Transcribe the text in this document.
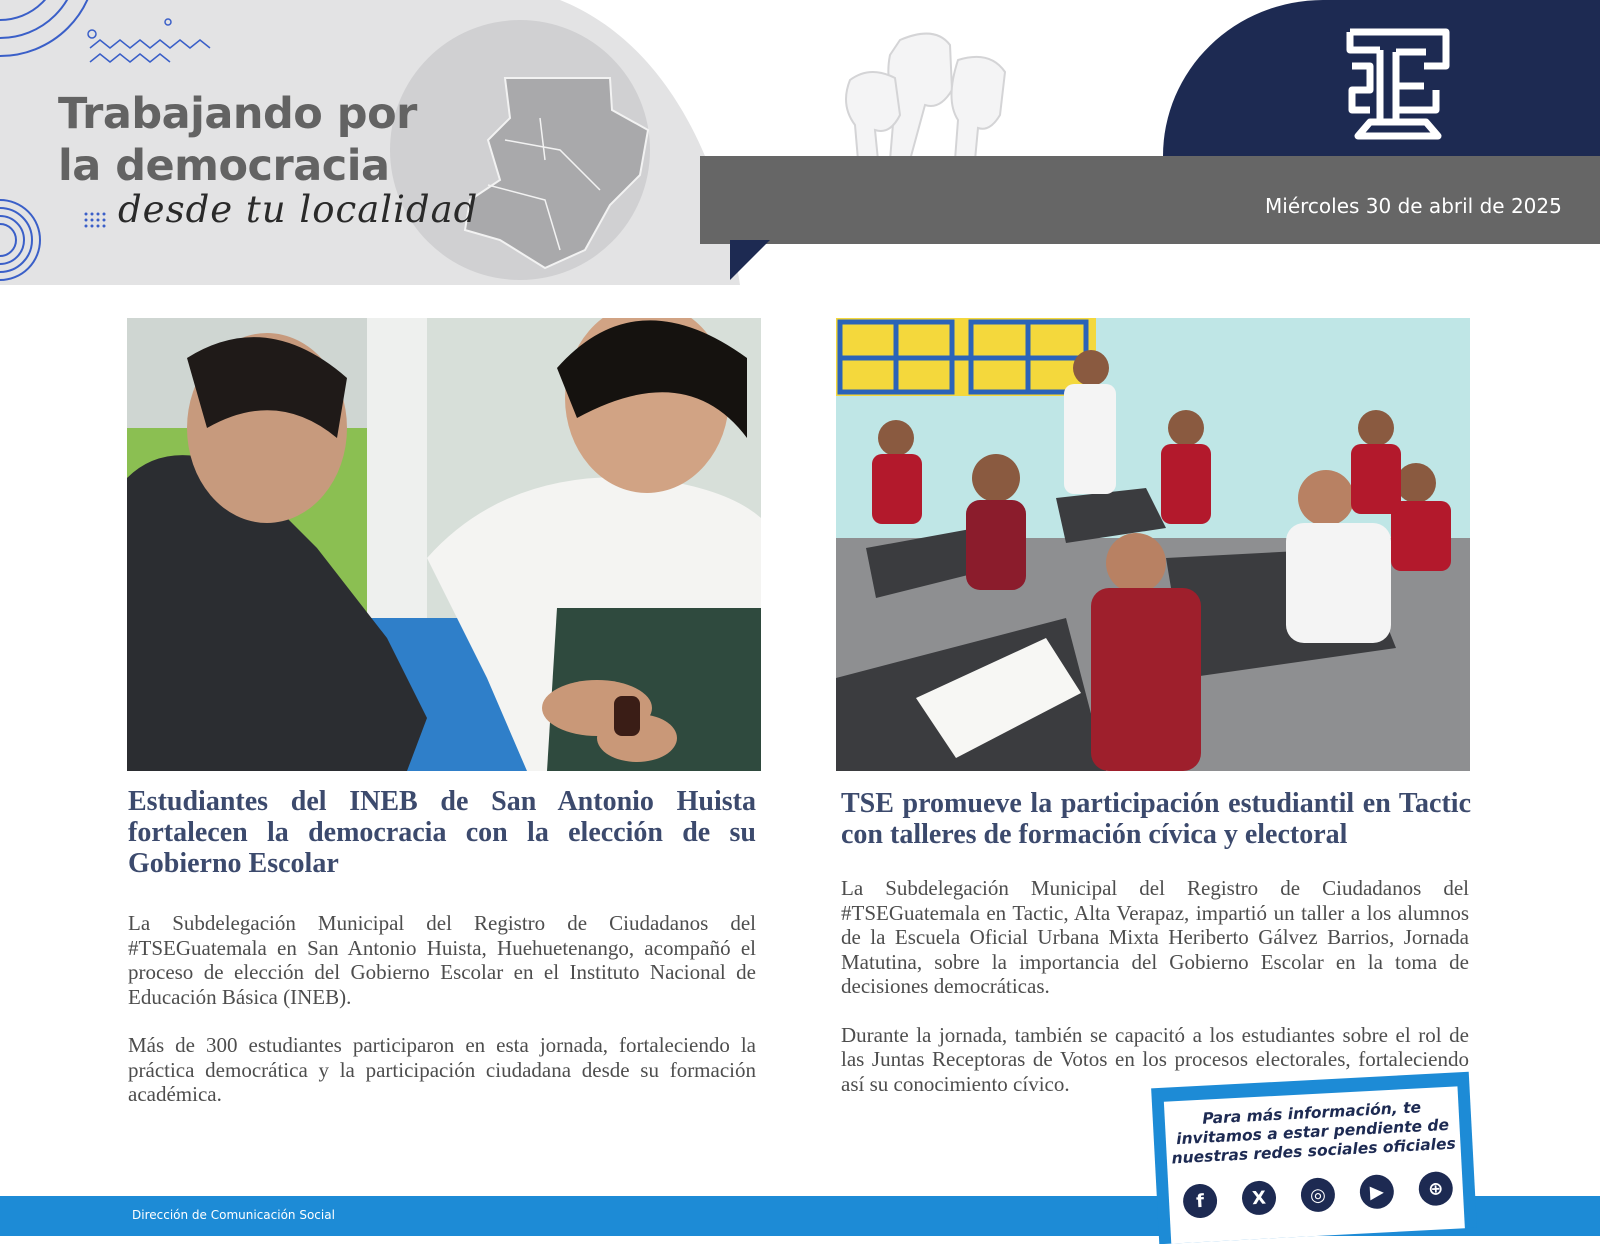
Trabajando por
la democracia
desde tu localidad	Miércoles 30 de abril de 2025
Estudiantes del INEB de San Antonio Huista fortalecen la democracia con la elección de su Gobierno Escolar

La Subdelegación Municipal del Registro de Ciudadanos del #TSEGuatemala en San Antonio Huista, Huehuetenango, acompañó el proceso de elección del Gobierno Escolar en el Instituto Nacional de Educación Básica (INEB).

Más de 300 estudiantes participaron en esta jornada, fortaleciendo la práctica democrática y la participación ciudadana desde su formación académica.

TSE promueve la participación estudiantil en Tactic con talleres de formación cívica y electoral

La Subdelegación Municipal del Registro de Ciudadanos del #TSEGuatemala en Tactic, Alta Verapaz, impartió un taller a los alumnos de la Escuela Oficial Urbana Mixta Heriberto Gálvez Barrios, Jornada Matutina, sobre la importancia del Gobierno Escolar en la toma de decisiones democráticas.

Durante la jornada, también se capacitó a los estudiantes sobre el rol de las Juntas Receptoras de Votos en los procesos electorales, fortaleciendo así su conocimiento cívico.

Dirección de Comunicación Social
Para más información, te invitamos a estar pendiente de nuestras redes sociales oficiales
f	X ◎ ▶ ⊕
